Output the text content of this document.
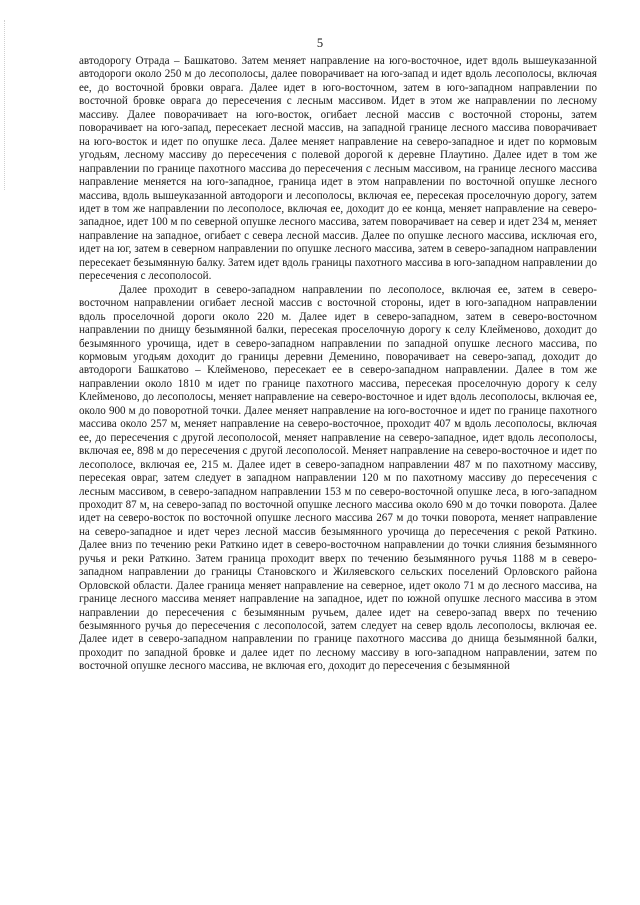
5

автодорогу Отрада – Башкатово. Затем меняет направление на юго-восточное, идет вдоль вышеуказанной автодороги около 250 м до лесополосы, далее поворачивает на юго-запад и идет вдоль лесополосы, включая ее, до восточной бровки оврага. Далее идет в юго-восточном, затем в юго-западном направлении по восточной бровке оврага до пересечения с лесным массивом. Идет в этом же направлении по лесному массиву. Далее поворачивает на юго-восток, огибает лесной массив с восточной стороны, затем поворачивает на юго-запад, пересекает лесной массив, на западной границе лесного массива поворачивает на юго-восток и идет по опушке леса. Далее меняет направление на северо-западное и идет по кормовым угодьям, лесному массиву до пересечения с полевой дорогой к деревне Плаутино. Далее идет в том же направлении по границе пахотного массива до пересечения с лесным массивом, на границе лесного массива направление меняется на юго-западное, граница идет в этом направлении по восточной опушке лесного массива, вдоль вышеуказанной автодороги и лесополосы, включая ее, пересекая проселочную дорогу, затем идет в том же направлении по лесополосе, включая ее, доходит до ее конца, меняет направление на северо-западное, идет 100 м по северной опушке лесного массива, затем поворачивает на север и идет 234 м, меняет направление на западное, огибает с севера лесной массив. Далее по опушке лесного массива, исключая его, идет на юг, затем в северном направлении по опушке лесного массива, затем в северо-западном направлении пересекает безымянную балку. Затем идет вдоль границы пахотного массива в юго-западном направлении до пересечения с лесополосой.

Далее проходит в северо-западном направлении по лесополосе, включая ее, затем в северо-восточном направлении огибает лесной массив с восточной стороны, идет в юго-западном направлении вдоль проселочной дороги около 220 м. Далее идет в северо-западном, затем в северо-восточном направлении по днищу безымянной балки, пересекая проселочную дорогу к селу Клейменово, доходит до безымянного урочища, идет в северо-западном направлении по западной опушке лесного массива, по кормовым угодьям доходит до границы деревни Деменино, поворачивает на северо-запад, доходит до автодороги Башкатово – Клейменово, пересекает ее в северо-западном направлении. Далее в том же направлении около 1810 м идет по границе пахотного массива, пересекая проселочную дорогу к селу Клейменово, до лесополосы, меняет направление на северо-восточное и идет вдоль лесополосы, включая ее, около 900 м до поворотной точки. Далее меняет направление на юго-восточное и идет по границе пахотного массива около 257 м, меняет направление на северо-восточное, проходит 407 м вдоль лесополосы, включая ее, до пересечения с другой лесополосой, меняет направление на северо-западное, идет вдоль лесополосы, включая ее, 898 м до пересечения с другой лесополосой. Меняет направление на северо-восточное и идет по лесополосе, включая ее, 215 м. Далее идет в северо-западном направлении 487 м по пахотному массиву, пересекая овраг, затем следует в западном направлении 120 м по пахотному массиву до пересечения с лесным массивом, в северо-западном направлении 153 м по северо-восточной опушке леса, в юго-западном проходит 87 м, на северо-запад по восточной опушке лесного массива около 690 м до точки поворота. Далее идет на северо-восток по восточной опушке лесного массива 267 м до точки поворота, меняет направление на северо-западное и идет через лесной массив безымянного урочища до пересечения с рекой Раткино. Далее вниз по течению реки Раткино идет в северо-восточном направлении до точки слияния безымянного ручья и реки Раткино. Затем граница проходит вверх по течению безымянного ручья 1188 м в северо-западном направлении до границы Становского и Жиляевского сельских поселений Орловского района Орловской области. Далее граница меняет направление на северное, идет около 71 м до лесного массива, на границе лесного массива меняет направление на западное, идет по южной опушке лесного массива в этом направлении до пересечения с безымянным ручьем, далее идет на северо-запад вверх по течению безымянного ручья до пересечения с лесополосой, затем следует на север вдоль лесополосы, включая ее. Далее идет в северо-западном направлении по границе пахотного массива до днища безымянной балки, проходит по западной бровке и далее идет по лесному массиву в юго-западном направлении, затем по восточной опушке лесного массива, не включая его, доходит до пересечения с безымянной
